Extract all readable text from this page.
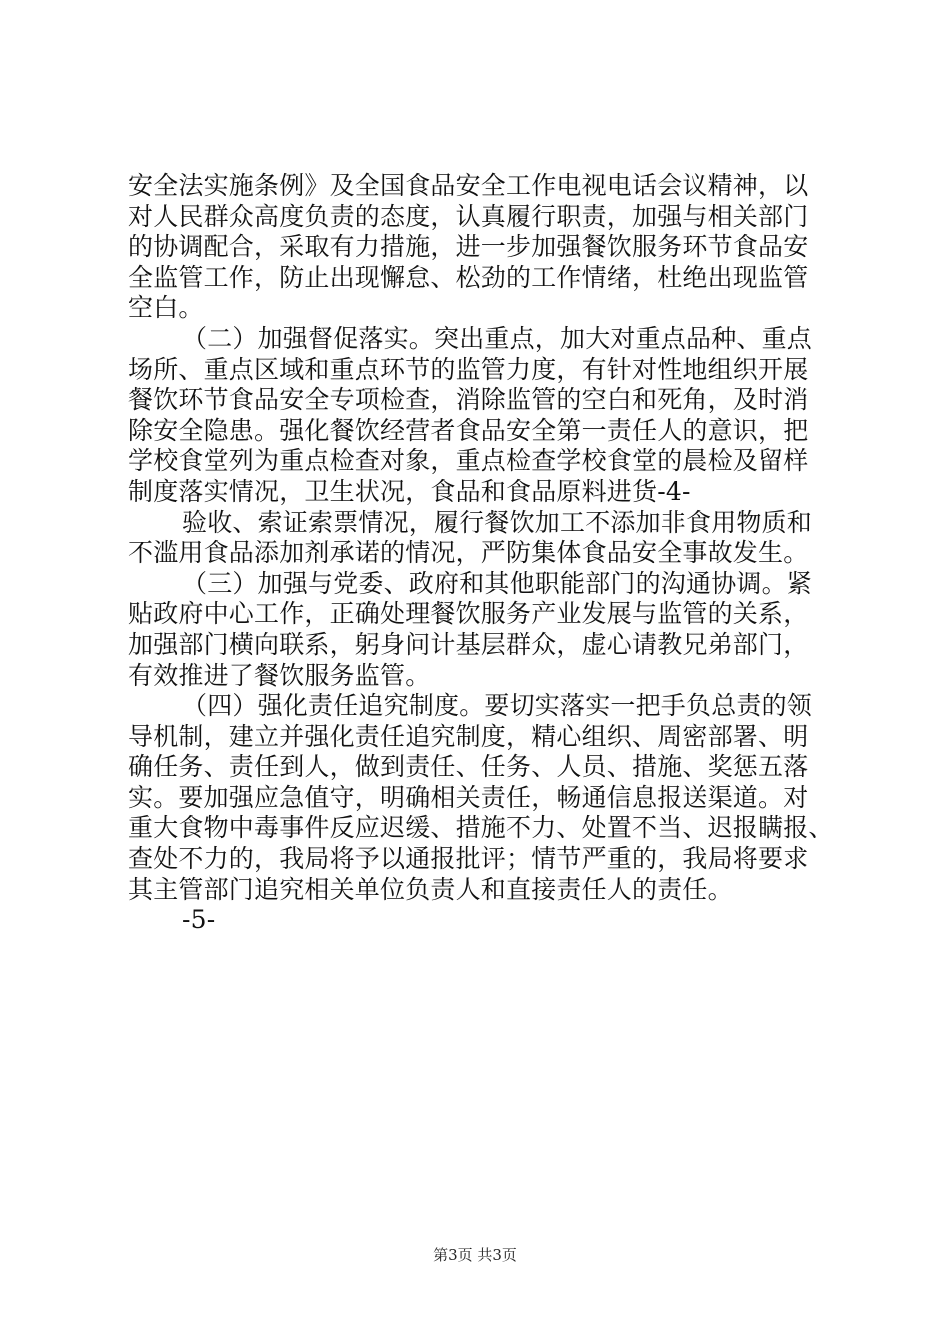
安全法实施条例》及全国食品安全工作电视电话会议精神，以
对人民群众高度负责的态度，认真履行职责，加强与相关部门
的协调配合，采取有力措施，进一步加强餐饮服务环节食品安
全监管工作，防止出现懈怠、松劲的工作情绪，杜绝出现监管
空白。
（二）加强督促落实。突出重点，加大对重点品种、重点
场所、重点区域和重点环节的监管力度，有针对性地组织开展
餐饮环节食品安全专项检查，消除监管的空白和死角，及时消
除安全隐患。强化餐饮经营者食品安全第一责任人的意识，把
学校食堂列为重点检查对象，重点检查学校食堂的晨检及留样
制度落实情况，卫生状况，食品和食品原料进货-4-
验收、索证索票情况，履行餐饮加工不添加非食用物质和
不滥用食品添加剂承诺的情况，严防集体食品安全事故发生。
（三）加强与党委、政府和其他职能部门的沟通协调。紧
贴政府中心工作，正确处理餐饮服务产业发展与监管的关系，
加强部门横向联系，躬身问计基层群众，虚心请教兄弟部门，
有效推进了餐饮服务监管。
（四）强化责任追究制度。要切实落实一把手负总责的领
导机制，建立并强化责任追究制度，精心组织、周密部署、明
确任务、责任到人，做到责任、任务、人员、措施、奖惩五落
实。要加强应急值守，明确相关责任，畅通信息报送渠道。对
重大食物中毒事件反应迟缓、措施不力、处置不当、迟报瞒报、
查处不力的，我局将予以通报批评；情节严重的，我局将要求
其主管部门追究相关单位负责人和直接责任人的责任。
-5-
第3页 共3页
